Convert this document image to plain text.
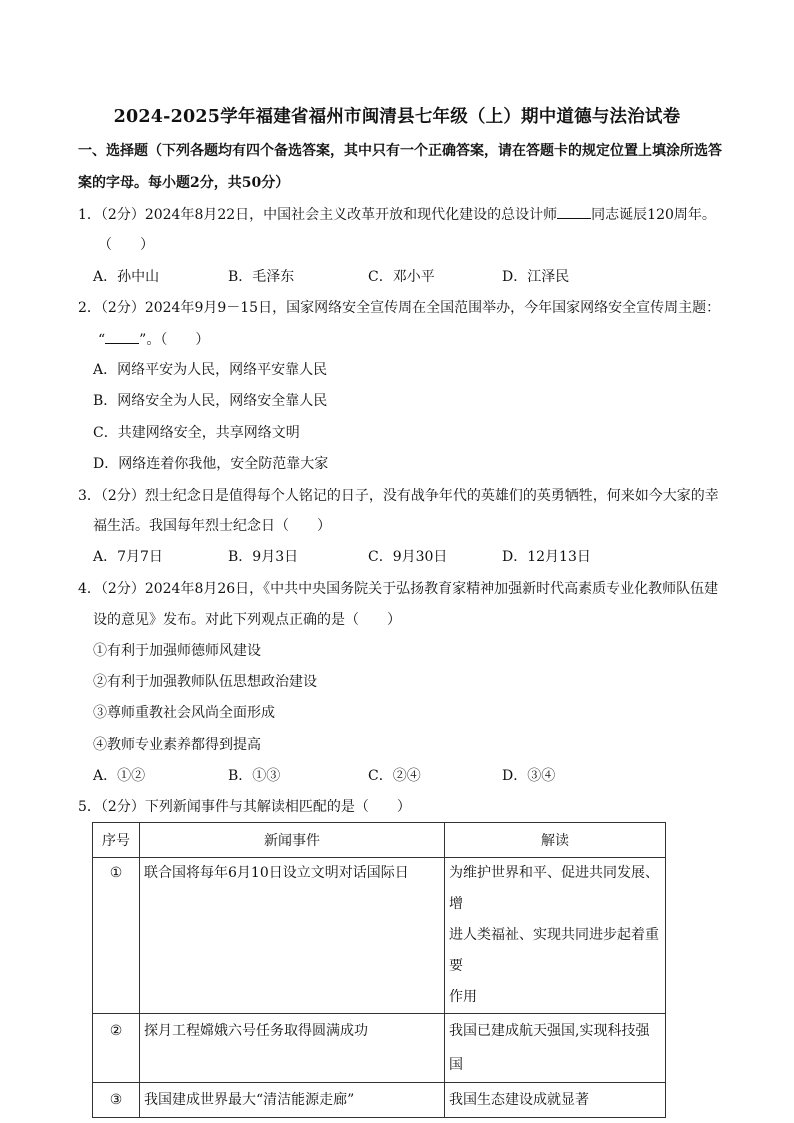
2024-2025学年福建省福州市闽清县七年级（上）期中道德与法治试卷
一、选择题（下列各题均有四个备选答案，其中只有一个正确答案，请在答题卡的规定位置上填涂所选答
案的字母。每小题2分，共50分）
1．（2分）2024年8月22日，中国社会主义改革开放和现代化建设的总设计师 同志诞辰120周年。
（　　）
A．孙中山	B．毛泽东	C．邓小平	D．江泽民
2．（2分）2024年9月9－15日，国家网络安全宣传周在全国范围举办，今年国家网络安全宣传周主题：
“ ”。（　　）
A．网络平安为人民，网络平安靠人民
B．网络安全为人民，网络安全靠人民
C．共建网络安全，共享网络文明
D．网络连着你我他，安全防范靠大家
3．（2分）烈士纪念日是值得每个人铭记的日子，没有战争年代的英雄们的英勇牺牲，何来如今大家的幸
福生活。我国每年烈士纪念日（　　）
A．7月7日	B．9月3日	C．9月30日	D．12月13日
4．（2分）2024年8月26日，《中共中央国务院关于弘扬教育家精神加强新时代高素质专业化教师队伍建
设的意见》发布。对此下列观点正确的是（　　）
①有利于加强师德师风建设
②有利于加强教师队伍思想政治建设
③尊师重教社会风尚全面形成
④教师专业素养都得到提高
A．①②	B．①③	C．②④	D．③④
5．（2分）下列新闻事件与其解读相匹配的是（　　）
序号	新闻事件	解读
①	联合国将每年6月10日设立文明对话国际日	为维护世界和平、促进共同发展、增
进人类福祉、实现共同进步起着重要
作用

②	探月工程嫦娥六号任务取得圆满成功	我国已建成航天强国,实现科技强国
③	我国建成世界最大“清洁能源走廊”	我国生态建设成就显著
